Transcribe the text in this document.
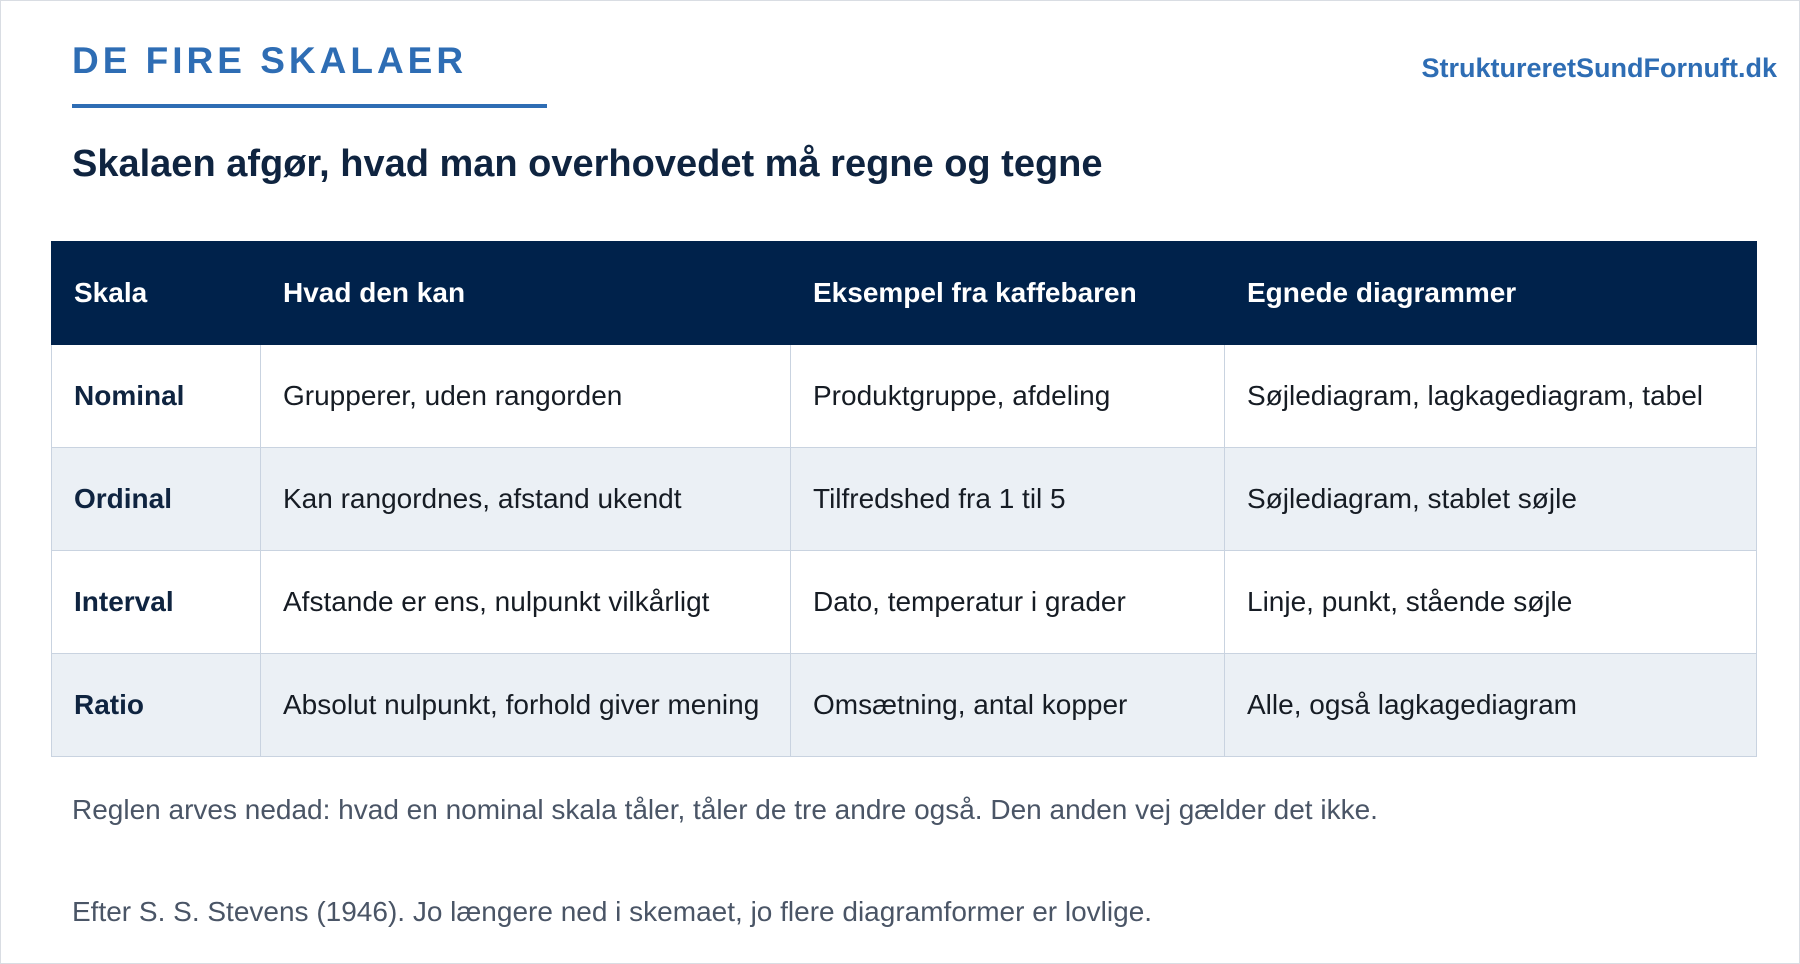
DE FIRE SKALAER	StruktureretSundFornuft.dk
Skalaen afgør, hvad man overhovedet må regne og tegne
Skala	Hvad den kan	Eksempel fra kaffebaren	Egnede diagrammer
Nominal	Grupperer, uden rangorden	Produktgruppe, afdeling	Søjlediagram, lagkagediagram, tabel
Ordinal	Kan rangordnes, afstand ukendt	Tilfredshed fra 1 til 5	Søjlediagram, stablet søjle
Interval	Afstande er ens, nulpunkt vilkårligt	Dato, temperatur i grader	Linje, punkt, stående søjle
Ratio	Absolut nulpunkt, forhold giver mening	Omsætning, antal kopper	Alle, også lagkagediagram
Reglen arves nedad: hvad en nominal skala tåler, tåler de tre andre også. Den anden vej gælder det ikke.
Efter S. S. Stevens (1946). Jo længere ned i skemaet, jo flere diagramformer er lovlige.
